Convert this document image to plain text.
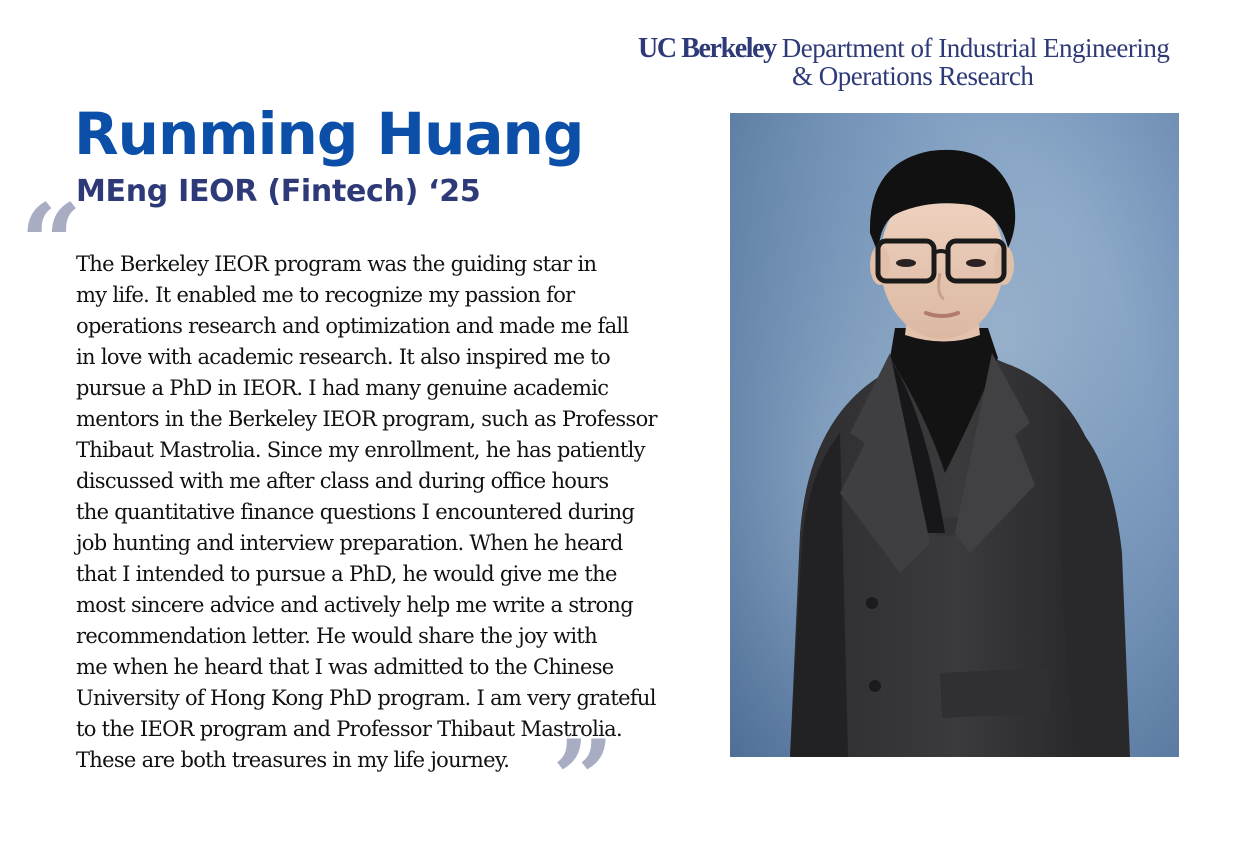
UC Berkeley Department of Industrial Engineering
& Operations Research
Runming Huang
MEng IEOR (Fintech) ‘25
“
The Berkeley IEOR program was the guiding star in
my life. It enabled me to recognize my passion for
operations research and optimization and made me fall
in love with academic research. It also inspired me to
pursue a PhD in IEOR. I had many genuine academic
mentors in the Berkeley IEOR program, such as Professor
Thibaut Mastrolia. Since my enrollment, he has patiently
discussed with me after class and during office hours
the quantitative finance questions I encountered during
job hunting and interview preparation. When he heard
that I intended to pursue a PhD, he would give me the
most sincere advice and actively help me write a strong
recommendation letter. He would share the joy with
me when he heard that I was admitted to the Chinese
University of Hong Kong PhD program. I am very grateful
to the IEOR program and Professor Thibaut Mastrolia.
These are both treasures in my life journey. ”
